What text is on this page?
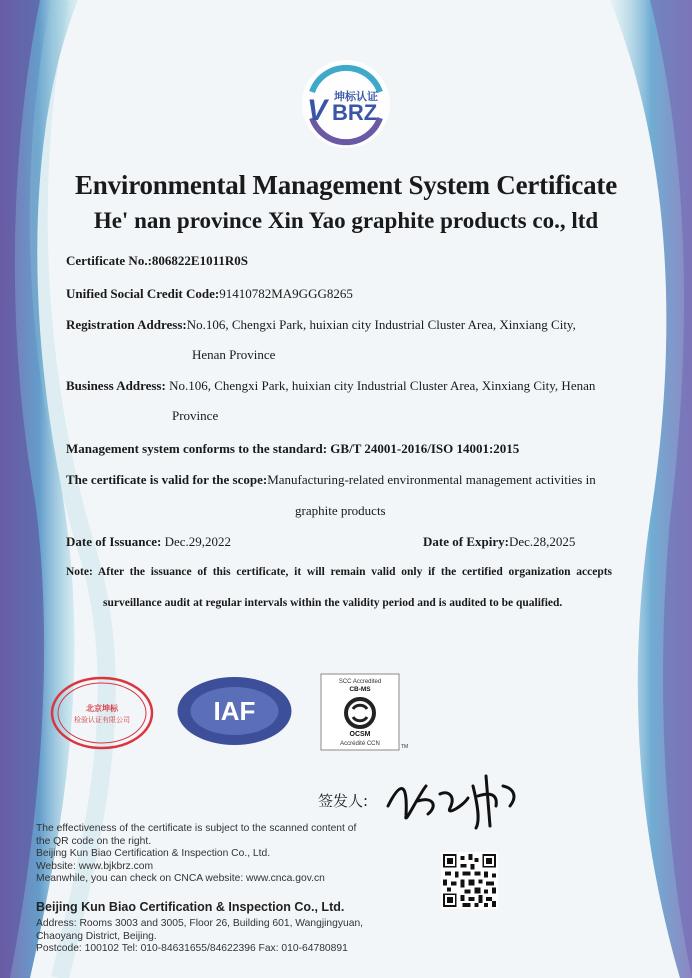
V BRZ
坤标认证
Environmental Management System Certificate
He' nan province Xin Yao graphite products co., ltd
Certificate No.:806822E1011R0S
Unified Social Credit Code:91410782MA9GGG8265
Registration Address:No.106, Chengxi Park, huixian city Industrial Cluster Area, Xinxiang City,
Henan Province
Business Address: No.106, Chengxi Park, huixian city Industrial Cluster Area, Xinxiang City, Henan
Province
Management system conforms to the standard: GB/T 24001-2016/ISO 14001:2015
The certificate is valid for the scope:Manufacturing-related environmental management activities in
graphite products
Date of Issuance: Dec.29,2022	Date of Expiry:Dec.28,2025
Note:  After  the  issuance  of  this  certificate,  it  will  remain  valid  only  if  the  certified  organization  accepts
surveillance audit at regular intervals within the validity period and is audited to be qualified.
北京坤标
检验认证有限公司	IAF
SCC Accredited
CB-MS
OCSM
Accrédité CCN	TM
签发人:
The effectiveness of the certificate is subject to the scanned content of
the QR code on the right.
Beijing Kun Biao Certification & Inspection Co., Ltd.
Website: www.bjkbrz.com
Meanwhile, you can check on CNCA website: www.cnca.gov.cn
Beijing Kun Biao Certification & Inspection Co., Ltd.
Address: Rooms 3003 and 3005, Floor 26, Building 601, Wangjingyuan,
Chaoyang District, Beijing.
Postcode: 100102 Tel: 010-84631655/84622396 Fax: 010-64780891
